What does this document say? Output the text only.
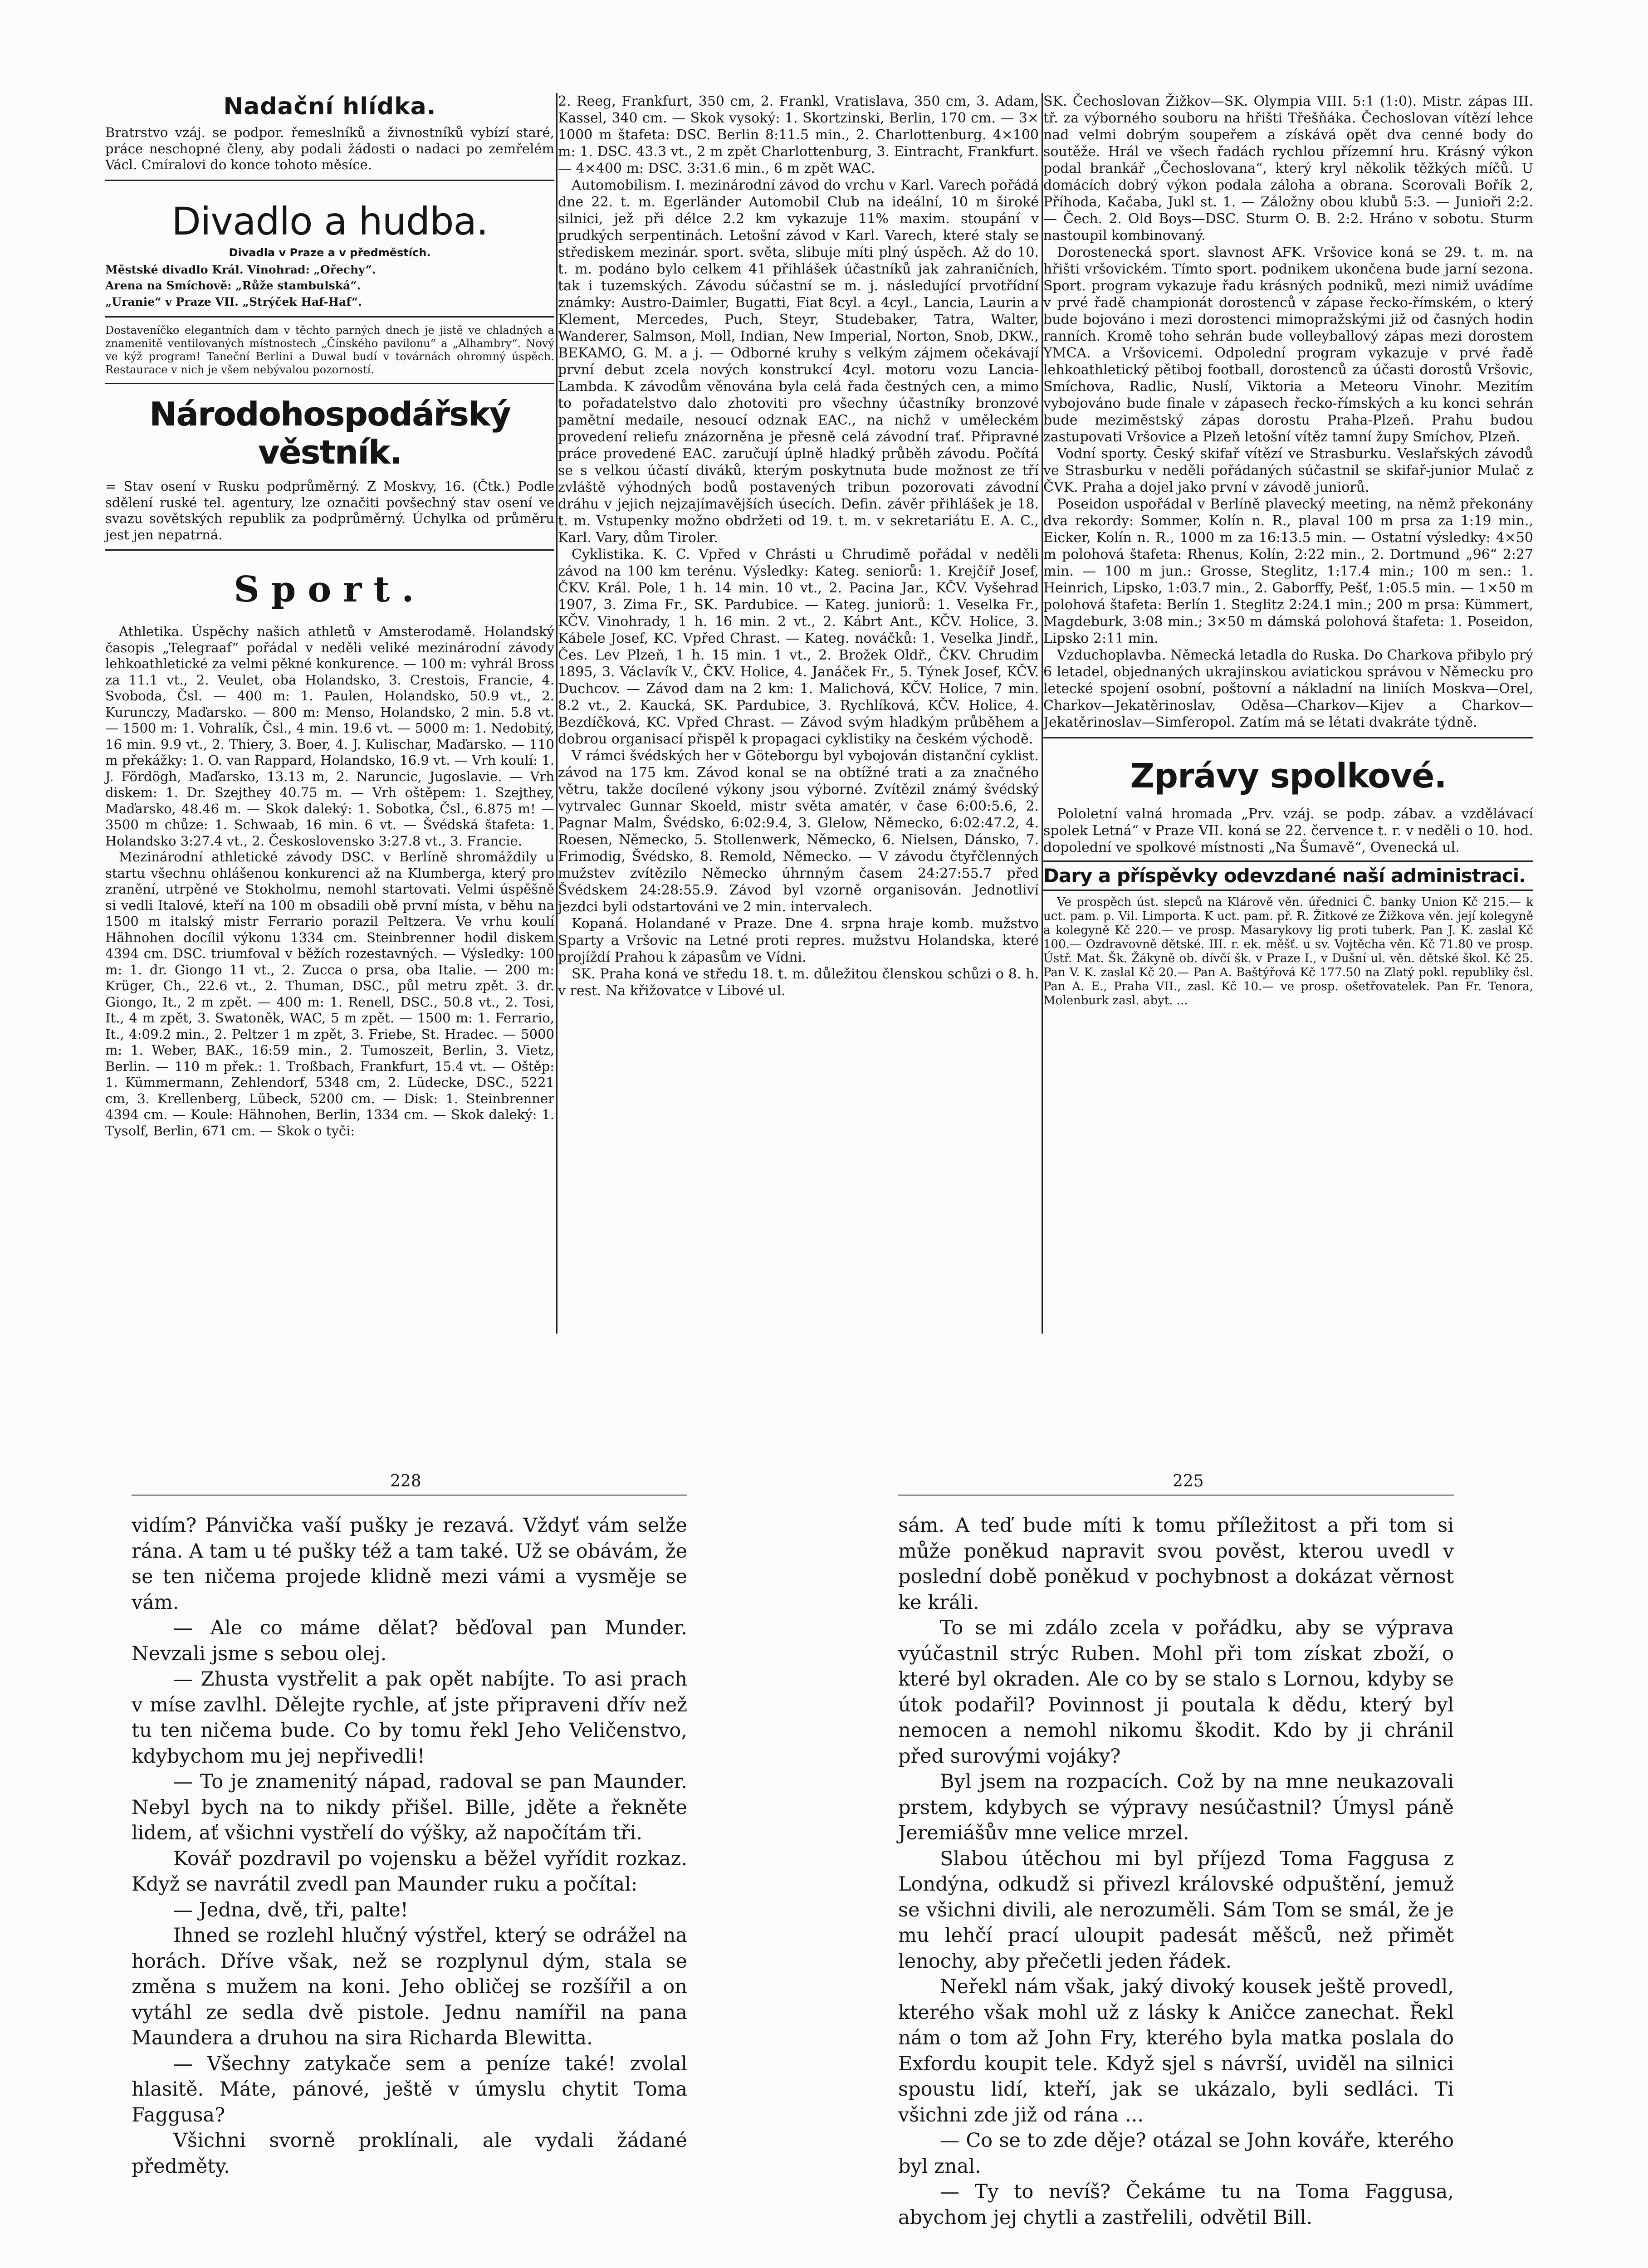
Nadační hlídka.

Bratrstvo vzáj. se podpor. řemeslníků a živnostníků vybízí staré, práce neschopné členy, aby podali žádosti o nadaci po zemřelém Václ. Cmíralovi do konce tohoto měsíce.

Divadlo a hudba.
Divadla v Praze a v předměstích.

Městské divadlo Král. Vinohrad: „Ořechy“.

Arena na Smíchově: „Růže stambulská“.

„Uranie“ v Praze VII. „Strýček Haf-Haf“.

Dostaveníčko elegantních dam v těchto parných dnech je jistě ve chladných a znamenitě ventilovaných místnostech „Čínského pavilonu“ a „Alhambry“. Nový ve kýž program! Taneční Berlini a Duwal budí v továrnách ohromný úspěch. Restaurace v nich je všem nebývalou pozorností.

Národohospodářský věstník.

= Stav osení v Rusku podprůměrný. Z Moskvy, 16. (Čtk.) Podle sdělení ruské tel. agentury, lze označiti povšechný stav osení ve svazu sovětských republik za podprůměrný. Úchylka od průměru jest jen nepatrná.

Sport.

Athletika. Úspěchy našich athletů v Amsterodamě. Holandský časopis „Telegraaf“ pořádal v neděli veliké mezinárodní závody lehkoathletické za velmi pěkné konkurence. — 100 m: vyhrál Bross za 11.1 vt., 2. Veulet, oba Holandsko, 3. Crestois, Francie, 4. Svoboda, Čsl. — 400 m: 1. Paulen, Holandsko, 50.9 vt., 2. Kurunczy, Maďarsko. — 800 m: Menso, Holandsko, 2 min. 5.8 vt. — 1500 m: 1. Vohralík, Čsl., 4 min. 19.6 vt. — 5000 m: 1. Nedobitý, 16 min. 9.9 vt., 2. Thiery, 3. Boer, 4. J. Kulischar, Maďarsko. — 110 m překážky: 1. O. van Rappard, Holandsko, 16.9 vt. — Vrh koulí: 1. J. Fördögh, Maďarsko, 13.13 m, 2. Naruncic, Jugoslavie. — Vrh diskem: 1. Dr. Szejthey 40.75 m. — Vrh oštěpem: 1. Szejthey, Maďarsko, 48.46 m. — Skok daleký: 1. Sobotka, Čsl., 6.875 m! — 3500 m chůze: 1. Schwaab, 16 min. 6 vt. — Švédská štafeta: 1. Holandsko 3:27.4 vt., 2. Československo 3:27.8 vt., 3. Francie.

Mezinárodní athletické závody DSC. v Berlíně shromáždily u startu všechnu ohlášenou konkurenci až na Klumberga, který pro zranění, utrpěné ve Stokholmu, nemohl startovati. Velmi úspěšně si vedli Italové, kteří na 100 m obsadili obě první místa, v běhu na 1500 m italský mistr Ferrario porazil Peltzera. Ve vrhu koulí Hähnohen docílil výkonu 1334 cm. Steinbrenner hodil diskem 4394 cm. DSC. triumfoval v běžích rozestavných. — Výsledky: 100 m: 1. dr. Giongo 11 vt., 2. Zucca o prsa, oba Italie. — 200 m: Krüger, Ch., 22.6 vt., 2. Thuman, DSC., půl metru zpět. 3. dr. Giongo, It., 2 m zpět. — 400 m: 1. Renell, DSC., 50.8 vt., 2. Tosi, It., 4 m zpět, 3. Swatoněk, WAC, 5 m zpět. — 1500 m: 1. Ferrario, It., 4:09.2 min., 2. Peltzer 1 m zpět, 3. Friebe, St. Hradec. — 5000 m: 1. Weber, BAK., 16:59 min., 2. Tumoszeit, Berlin, 3. Vietz, Berlin. — 110 m přek.: 1. Troßbach, Frankfurt, 15.4 vt. — Oštěp: 1. Kümmermann, Zehlendorf, 5348 cm, 2. Lüdecke, DSC., 5221 cm, 3. Krellenberg, Lübeck, 5200 cm. — Disk: 1. Steinbrenner 4394 cm. — Koule: Hähnohen, Berlin, 1334 cm. — Skok daleký: 1. Tysolf, Berlin, 671 cm. — Skok o tyči:

2. Reeg, Frankfurt, 350 cm, 2. Frankl, Vratislava, 350 cm, 3. Adam, Kassel, 340 cm. — Skok vysoký: 1. Skortzinski, Berlin, 170 cm. — 3× 1000 m štafeta: DSC. Berlin 8:11.5 min., 2. Charlottenburg. 4×100 m: 1. DSC. 43.3 vt., 2 m zpět Charlottenburg, 3. Eintracht, Frankfurt. — 4×400 m: DSC. 3:31.6 min., 6 m zpět WAC.

Automobilism. I. mezinárodní závod do vrchu v Karl. Varech pořádá dne 22. t. m. Egerländer Automobil Club na ideální, 10 m široké silnici, jež při délce 2.2 km vykazuje 11% maxim. stoupání v prudkých serpentinách. Letošní závod v Karl. Varech, které staly se střediskem mezinár. sport. světa, slibuje míti plný úspěch. Až do 10. t. m. podáno bylo celkem 41 přihlášek účastníků jak zahraničních, tak i tuzemských. Závodu súčastní se m. j. následující prvotřídní známky: Austro-Daimler, Bugatti, Fiat 8cyl. a 4cyl., Lancia, Laurin a Klement, Mercedes, Puch, Steyr, Studebaker, Tatra, Walter, Wanderer, Salmson, Moll, Indian, New Imperial, Norton, Snob, DKW., BEKAMO, G. M. a j. — Odborné kruhy s velkým zájmem očekávají první debut zcela nových konstrukcí 4cyl. motoru vozu Lancia-Lambda. K závodům věnována byla celá řada čestných cen, a mimo to pořadatelstvo dalo zhotoviti pro všechny účastníky bronzové pamětní medaile, nesoucí odznak EAC., na nichž v uměleckém provedení reliefu znázorněna je přesně celá závodní trať. Připravné práce provedené EAC. zaručují úplně hladký průběh závodu. Počítá se s velkou účastí diváků, kterým poskytnuta bude možnost ze tří zvláště výhodných bodů postavených tribun pozorovati závodní dráhu v jejich nejzajímavějších úsecích. Defin. závěr přihlášek je 18. t. m. Vstupenky možno obdržeti od 19. t. m. v sekretariátu E. A. C., Karl. Vary, dům Tiroler.

Cyklistika. K. C. Vpřed v Chrásti u Chrudimě pořádal v neděli závod na 100 km terénu. Výsledky: Kateg. seniorů: 1. Krejčíř Josef, ČKV. Král. Pole, 1 h. 14 min. 10 vt., 2. Pacina Jar., KČV. Vyšehrad 1907, 3. Zima Fr., SK. Pardubice. — Kateg. juniorů: 1. Veselka Fr., KČV. Vinohrady, 1 h. 16 min. 2 vt., 2. Kábrt Ant., KČV. Holice, 3. Kábele Josef, KC. Vpřed Chrast. — Kateg. nováčků: 1. Veselka Jindř., Čes. Lev Plzeň, 1 h. 15 min. 1 vt., 2. Brožek Oldř., ČKV. Chrudim 1895, 3. Václavík V., ČKV. Holice, 4. Janáček Fr., 5. Týnek Josef, KČV. Duchcov. — Závod dam na 2 km: 1. Malichová, KČV. Holice, 7 min. 8.2 vt., 2. Kaucká, SK. Pardubice, 3. Rychlíková, KČV. Holice, 4. Bezdíčková, KC. Vpřed Chrast. — Závod svým hladkým průběhem a dobrou organisací přispěl k propagaci cyklistiky na českém východě.

V rámci švédských her v Göteborgu byl vybojován distanční cyklist. závod na 175 km. Závod konal se na obtížné trati a za značného větru, takže docílené výkony jsou výborné. Zvítězil známý švédský vytrvalec Gunnar Skoeld, mistr světa amatér, v čase 6:00:5.6, 2. Pagnar Malm, Švédsko, 6:02:9.4, 3. Glelow, Německo, 6:02:47.2, 4. Roesen, Německo, 5. Stollenwerk, Německo, 6. Nielsen, Dánsko, 7. Frimodig, Švédsko, 8. Remold, Německo. — V závodu čtyřčlenných mužstev zvítězilo Německo úhrnným časem 24:27:55.7 před Švédskem 24:28:55.9. Závod byl vzorně organisován. Jednotliví jezdci byli odstartováni ve 2 min. intervalech.

Kopaná. Holandané v Praze. Dne 4. srpna hraje komb. mužstvo Sparty a Vršovic na Letné proti repres. mužstvu Holandska, které projíždí Prahou k zápasům ve Vídni.

SK. Praha koná ve středu 18. t. m. důležitou členskou schůzi o 8. h. v rest. Na křižovatce v Libové ul.

SK. Čechoslovan Žižkov—SK. Olympia VIII. 5:1 (1:0). Mistr. zápas III. tř. za výborného souboru na hřišti Třešňáka. Čechoslovan vítězí lehce nad velmi dobrým soupeřem a získává opět dva cenné body do soutěže. Hrál ve všech řadách rychlou přízemní hru. Krásný výkon podal brankář „Čechoslovana“, který kryl několik těžkých míčů. U domácích dobrý výkon podala záloha a obrana. Scorovali Bořík 2, Příhoda, Kačaba, Jukl st. 1. — Záložny obou klubů 5:3. — Junioři 2:2. — Čech. 2. Old Boys—DSC. Sturm O. B. 2:2. Hráno v sobotu. Sturm nastoupil kombinovaný.

Dorostenecká sport. slavnost AFK. Vršovice koná se 29. t. m. na hřišti vršovickém. Tímto sport. podnikem ukončena bude jarní sezona. Sport. program vykazuje řadu krásných podniků, mezi nimiž uvádíme v prvé řadě championát dorostenců v zápase řecko-římském, o který bude bojováno i mezi dorostenci mimopražskými již od časných hodin ranních. Kromě toho sehrán bude volleyballový zápas mezi dorostem YMCA. a Vršovicemi. Odpolední program vykazuje v prvé řadě lehkoathletický pětiboj football, dorostenců za účasti dorostů Vršovic, Smíchova, Radlic, Nuslí, Viktoria a Meteoru Vinohr. Mezitím vybojováno bude finale v zápasech řecko-římských a ku konci sehrán bude meziměstský zápas dorostu Praha-Plzeň. Prahu budou zastupovati Vršovice a Plzeň letošní vítěz tamní župy Smíchov, Plzeň.

Vodní sporty. Český skifař vítězí ve Strasburku. Veslařských závodů ve Strasburku v neděli pořádaných súčastnil se skifař-junior Mulač z ČVK. Praha a dojel jako první v závodě juniorů.

Poseidon uspořádal v Berlíně plavecký meeting, na němž překonány dva rekordy: Sommer, Kolín n. R., plaval 100 m prsa za 1:19 min., Eicker, Kolín n. R., 1000 m za 16:13.5 min. — Ostatní výsledky: 4×50 m polohová štafeta: Rhenus, Kolín, 2:22 min., 2. Dortmund „96“ 2:27 min. — 100 m jun.: Grosse, Steglitz, 1:17.4 min.; 100 m sen.: 1. Heinrich, Lipsko, 1:03.7 min., 2. Gaborffy, Pešť, 1:05.5 min. — 1×50 m polohová štafeta: Berlín 1. Steglitz 2:24.1 min.; 200 m prsa: Kümmert, Magdeburk, 3:08 min.; 3×50 m dámská polohová štafeta: 1. Poseidon, Lipsko 2:11 min.

Vzduchoplavba. Německá letadla do Ruska. Do Charkova přibylo prý 6 letadel, objednaných ukrajinskou aviatickou správou v Německu pro letecké spojení osobní, poštovní a nákladní na liniích Moskva—Orel, Charkov—Jekatěrinoslav, Oděsa—Charkov—Kijev a Charkov—Jekatěrinoslav—Simferopol. Zatím má se létati dvakráte týdně.

Zprávy spolkové.

Pololetní valná hromada „Prv. vzáj. se podp. zábav. a vzdělávací spolek Letná“ v Praze VII. koná se 22. července t. r. v neděli o 10. hod. dopolední ve spolkové místnosti „Na Šumavě“, Ovenecká ul.

Dary a příspěvky odevzdané naší administraci.

Ve prospěch úst. slepců na Klárově věn. úřednici Č. banky Union Kč 215.— k uct. pam. p. Vil. Limporta. K uct. pam. př. R. Žitkové ze Žižkova věn. její kolegyně a kolegyně Kč 220.— ve prosp. Masarykovy lig proti tuberk. Pan J. K. zaslal Kč 100.— Ozdravovně dětské. III. r. ek. měšť. u sv. Vojtěcha věn. Kč 71.80 ve prosp. Ústř. Mat. Šk. Žákyně ob. dívčí šk. v Praze I., v Dušní ul. věn. dětské škol. Kč 25. Pan V. K. zaslal Kč 20.— Pan A. Baštýřová Kč 177.50 na Zlatý pokl. republiky čsl. Pan A. E., Praha VII., zasl. Kč 10.— ve prosp. ošetřovatelek. Pan Fr. Tenora, Molenburk zasl. abyt. ...

228	225

vidím? Pánvička vaší pušky je rezavá. Vždyť vám selže rána. A tam u té pušky též a tam také. Už se obávám, že se ten ničema projede klidně mezi vámi a vysměje se vám.

— Ale co máme dělat? běďoval pan Munder. Nevzali jsme s sebou olej.

— Zhusta vystřelit a pak opět nabíjte. To asi prach v míse zavlhl. Dělejte rychle, ať jste připraveni dřív než tu ten ničema bude. Co by tomu řekl Jeho Veličenstvo, kdybychom mu jej nepřivedli!

— To je znamenitý nápad, radoval se pan Maunder. Nebyl bych na to nikdy přišel. Bille, jděte a řekněte lidem, ať všichni vystřelí do výšky, až napočítám tři.

Kovář pozdravil po vojensku a běžel vyřídit rozkaz. Když se navrátil zvedl pan Maunder ruku a počítal:

— Jedna, dvě, tři, palte!

Ihned se rozlehl hlučný výstřel, který se odrážel na horách. Dříve však, než se rozplynul dým, stala se změna s mužem na koni. Jeho obličej se rozšířil a on vytáhl ze sedla dvě pistole. Jednu namířil na pana Maundera a druhou na sira Richarda Blewitta.

— Všechny zatykače sem a peníze také! zvolal hlasitě. Máte, pánové, ještě v úmyslu chytit Toma Faggusa?

Všichni svorně proklínali, ale vydali žádané předměty.

sám. A teď bude míti k tomu příležitost a při tom si může poněkud napravit svou pověst, kterou uvedl v poslední době poněkud v pochybnost a dokázat věrnost ke králi.

To se mi zdálo zcela v pořádku, aby se výprava vyúčastnil strýc Ruben. Mohl při tom získat zboží, o které byl okraden. Ale co by se stalo s Lornou, kdyby se útok podařil? Povinnost ji poutala k dědu, který byl nemocen a nemohl nikomu škodit. Kdo by ji chránil před surovými vojáky?

Byl jsem na rozpacích. Což by na mne neukazovali prstem, kdybych se výpravy nesúčastnil? Úmysl páně Jeremiášův mne velice mrzel.

Slabou útěchou mi byl příjezd Toma Faggusa z Londýna, odkudž si přivezl královské odpuštění, jemuž se všichni divili, ale nerozuměli. Sám Tom se smál, že je mu lehčí prací uloupit padesát měšců, než přimět lenochy, aby přečetli jeden řádek.

Neřekl nám však, jaký divoký kousek ještě provedl, kterého však mohl už z lásky k Aničce zanechat. Řekl nám o tom až John Fry, kterého byla matka poslala do Exfordu koupit tele. Když sjel s návrší, uviděl na silnici spoustu lidí, kteří, jak se ukázalo, byli sedláci. Ti všichni zde již od rána ...

— Co se to zde děje? otázal se John kováře, kterého byl znal.

— Ty to nevíš? Čekáme tu na Toma Faggusa, abychom jej chytli a zastřelili, odvětil Bill.
